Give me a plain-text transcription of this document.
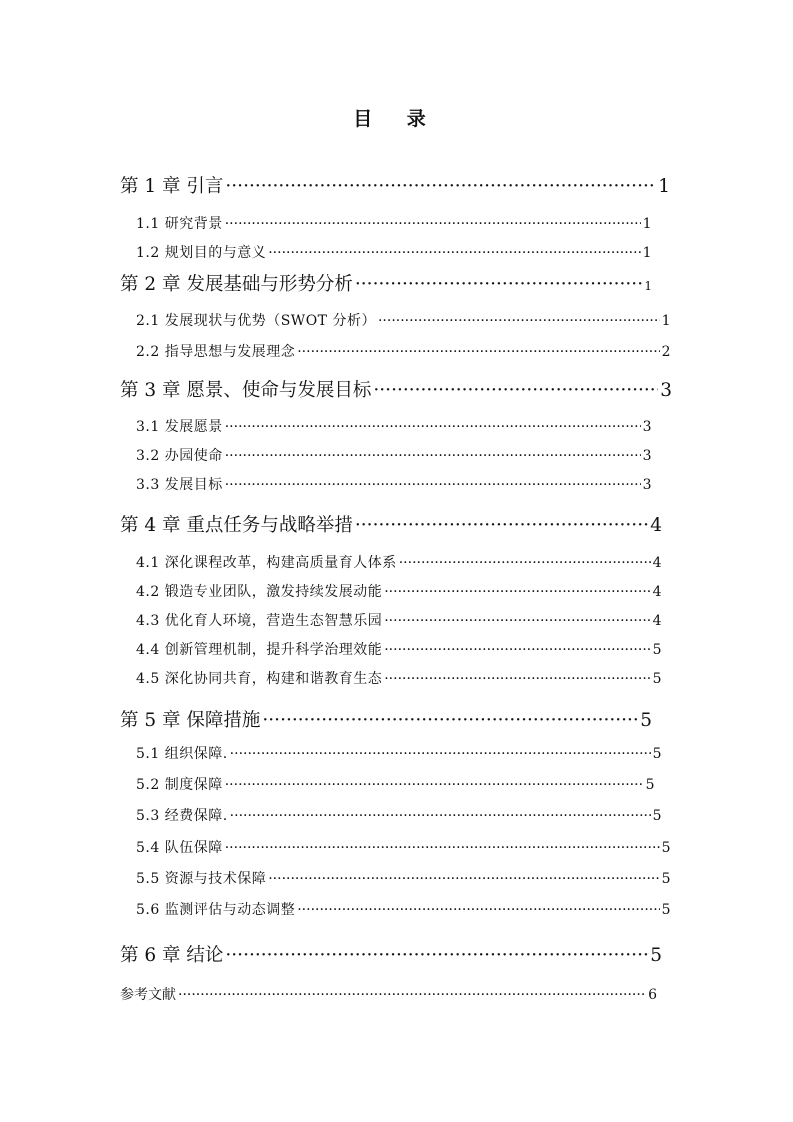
目 录
第 1 章 引言 ·····	1
1.1 研究背景 ·····	1
1.2 规划目的与意义 ·····	1
第 2 章 发展基础与形势分析 ·····	1
2.1 发展现状与优势（SWOT 分析） ·····	1
2.2 指导思想与发展理念 ·····	2
第 3 章 愿景、使命与发展目标 ·····	3
3.1 发展愿景 ·····	3
3.2 办园使命 ·····	3
3.3 发展目标 ·····	3
第 4 章 重点任务与战略举措 ·····	4
4.1 深化课程改革，构建高质量育人体系 ·····	4
4.2 锻造专业团队，激发持续发展动能 ·····	4
4.3 优化育人环境，营造生态智慧乐园 ·····	4
4.4 创新管理机制，提升科学治理效能 ·····	5
4.5 深化协同共育，构建和谐教育生态 ·····	5
第 5 章 保障措施 ·····	5
5.1 组织保障. ·····	5
5.2 制度保障 ·····	5
5.3 经费保障. ·····	5
5.4 队伍保障 ·····	5
5.5 资源与技术保障 ·····	5
5.6 监测评估与动态调整 ·····	5
第 6 章 结论 ·····	5
参考文献 ·····	6
